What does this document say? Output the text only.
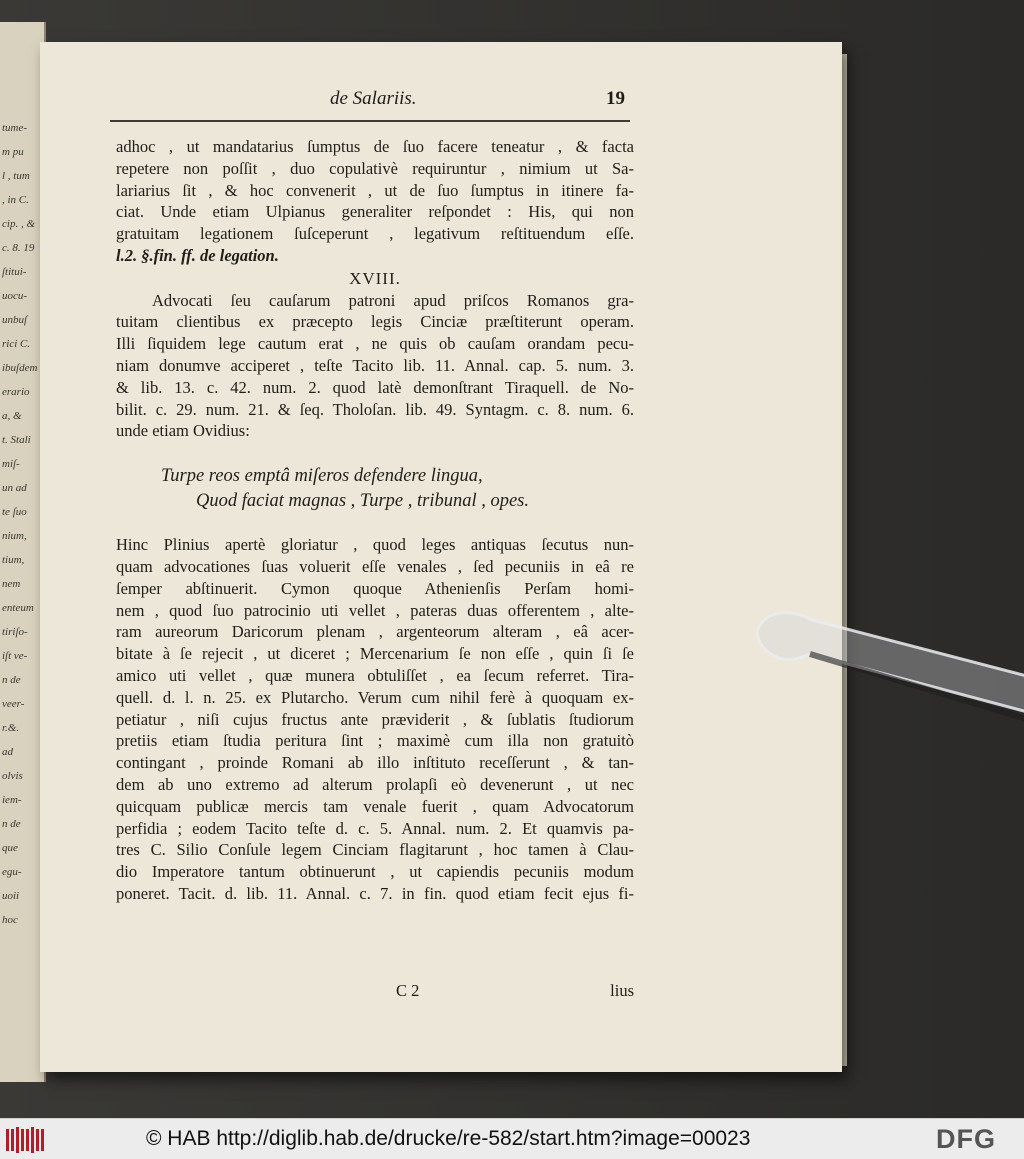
tume-
m pu
l , tum
, in C.
cip. , &
c. 8. 19
ſtitui-
uocu-
unbuſ
rici C.
ibuſdem
erario
a, &
t. Stali
miſ-
un ad
te ſuo
nium,
tium,
nem
enteum
tiriſo-
iſt ve-
n de
veer-
r.&.
ad
olvis
iem-
n de
que
egu-
uoii
hoc
de Salariis.	19
adhoc , ut mandatarius ſumptus de ſuo facere teneatur , & facta
repetere non poſſit , duo copulativè requiruntur , nimium ut Sa-
lariarius ſit , & hoc convenerit , ut de ſuo ſumptus in itinere fa-
ciat. Unde etiam Ulpianus generaliter reſpondet : His, qui non
gratuitam legationem ſuſceperunt , legativum reſtituendum eſſe.
l.2. §.fin. ff. de legation.
XVIII.
Advocati ſeu cauſarum patroni apud priſcos Romanos gra-
tuitam clientibus ex præcepto legis Cinciæ præſtiterunt operam.
Illi ſiquidem lege cautum erat , ne quis ob cauſam orandam pecu-
niam donumve acciperet , teſte Tacito lib. 11. Annal. cap. 5. num. 3.
& lib. 13. c. 42. num. 2. quod latè demonſtrant Tiraquell. de No-
bilit. c. 29. num. 21. & ſeq. Tholoſan. lib. 49. Syntagm. c. 8. num. 6.
unde etiam Ovidius:
Turpe reos emptâ miſeros defendere lingua,
Quod faciat magnas , Turpe , tribunal , opes.
Hinc Plinius apertè gloriatur , quod leges antiquas ſecutus nun-
quam advocationes ſuas voluerit eſſe venales , ſed pecuniis in eâ re
ſemper abſtinuerit. Cymon quoque Athenienſis Perſam homi-
nem , quod ſuo patrocinio uti vellet , pateras duas offerentem , alte-
ram aureorum Daricorum plenam , argenteorum alteram , eâ acer-
bitate à ſe rejecit , ut diceret ; Mercenarium ſe non eſſe , quin ſi ſe
amico uti vellet , quæ munera obtuliſſet , ea ſecum referret. Tira-
quell. d. l. n. 25. ex Plutarcho. Verum cum nihil ferè à quoquam ex-
petiatur , niſi cujus fructus ante præviderit , & ſublatis ſtudiorum
pretiis etiam ſtudia peritura ſint ; maximè cum illa non gratuitò
contingant , proinde Romani ab illo inſtituto receſſerunt , & tan-
dem ab uno extremo ad alterum prolapſi eò devenerunt , ut nec
quicquam publicæ mercis tam venale fuerit , quam Advocatorum
perfidia ; eodem Tacito teſte d. c. 5. Annal. num. 2. Et quamvis pa-
tres C. Silio Conſule legem Cinciam flagitarunt , hoc tamen à Clau-
dio Imperatore tantum obtinuerunt , ut capiendis pecuniis modum
poneret. Tacit. d. lib. 11. Annal. c. 7. in fin. quod etiam fecit ejus fi-
C 2	lius
© HAB http://diglib.hab.de/drucke/re-582/start.htm?image=00023	DFG
